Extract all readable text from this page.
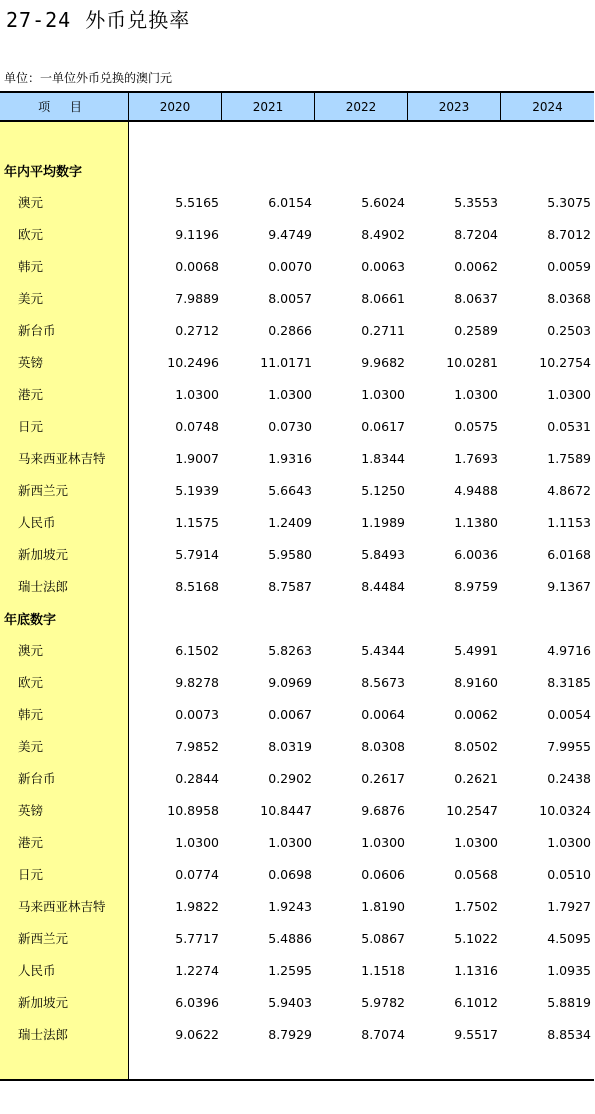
27-24 外币兑换率
单位：一单位外币兑换的澳门元
项 目	2020	2021	2022	2023	2024
年内平均数字
澳元	5.5165	6.0154	5.6024	5.3553	5.3075
欧元	9.1196	9.4749	8.4902	8.7204	8.7012
韩元	0.0068	0.0070	0.0063	0.0062	0.0059
美元	7.9889	8.0057	8.0661	8.0637	8.0368
新台币	0.2712	0.2866	0.2711	0.2589	0.2503
英镑	10.2496	11.0171	9.9682	10.0281	10.2754
港元	1.0300	1.0300	1.0300	1.0300	1.0300
日元	0.0748	0.0730	0.0617	0.0575	0.0531
马来西亚林吉特	1.9007	1.9316	1.8344	1.7693	1.7589
新西兰元	5.1939	5.6643	5.1250	4.9488	4.8672
人民币	1.1575	1.2409	1.1989	1.1380	1.1153
新加坡元	5.7914	5.9580	5.8493	6.0036	6.0168
瑞士法郎	8.5168	8.7587	8.4484	8.9759	9.1367
年底数字
澳元	6.1502	5.8263	5.4344	5.4991	4.9716
欧元	9.8278	9.0969	8.5673	8.9160	8.3185
韩元	0.0073	0.0067	0.0064	0.0062	0.0054
美元	7.9852	8.0319	8.0308	8.0502	7.9955
新台币	0.2844	0.2902	0.2617	0.2621	0.2438
英镑	10.8958	10.8447	9.6876	10.2547	10.0324
港元	1.0300	1.0300	1.0300	1.0300	1.0300
日元	0.0774	0.0698	0.0606	0.0568	0.0510
马来西亚林吉特	1.9822	1.9243	1.8190	1.7502	1.7927
新西兰元	5.7717	5.4886	5.0867	5.1022	4.5095
人民币	1.2274	1.2595	1.1518	1.1316	1.0935
新加坡元	6.0396	5.9403	5.9782	6.1012	5.8819
瑞士法郎	9.0622	8.7929	8.7074	9.5517	8.8534
